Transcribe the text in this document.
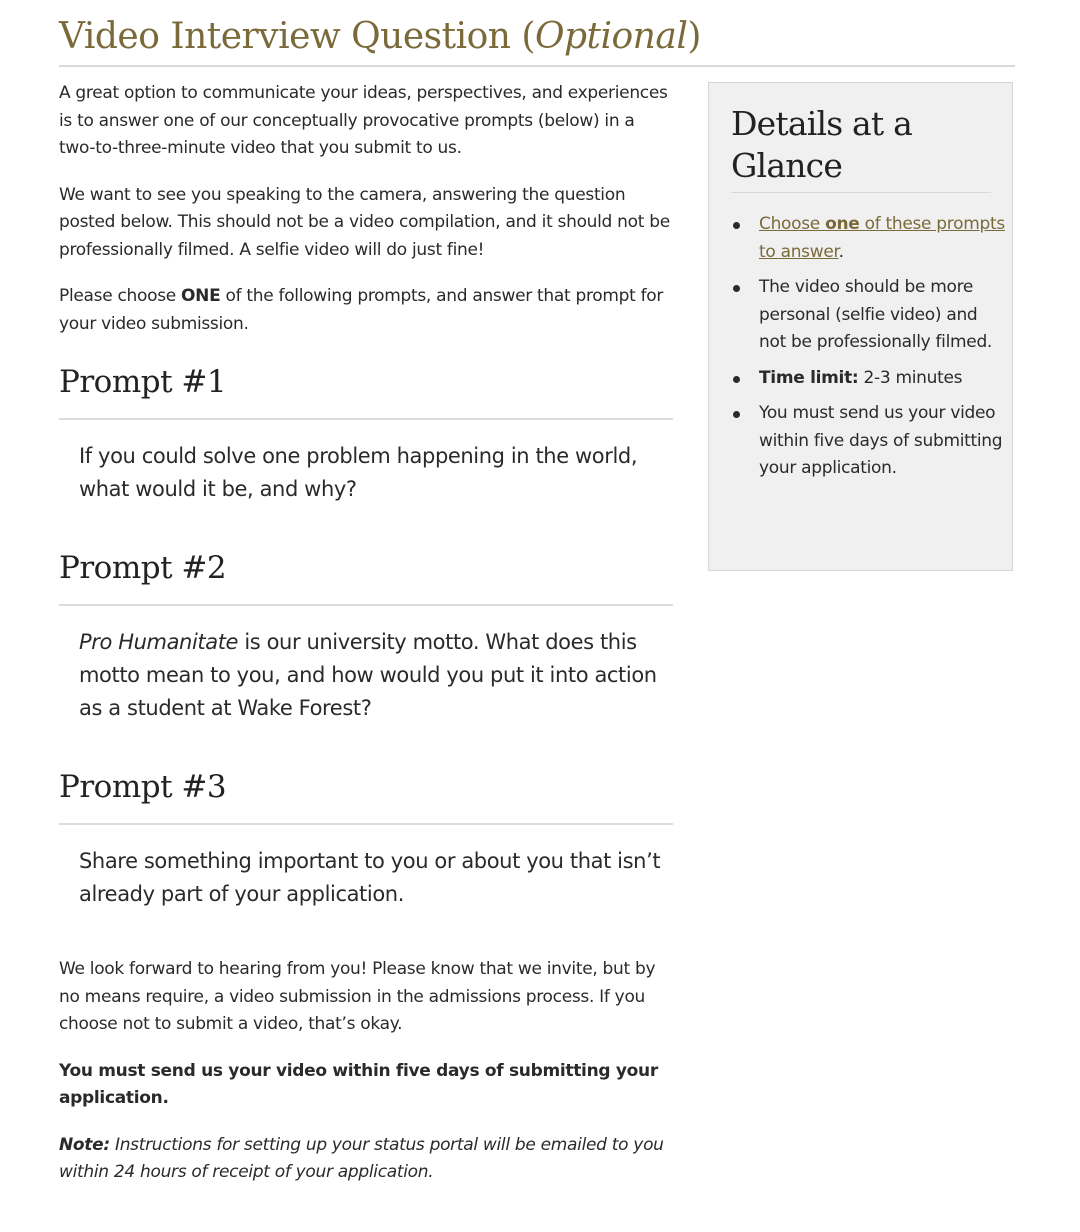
Video Interview Question (Optional)

A great option to communicate your ideas, perspectives, and experiences is to answer one of our conceptually provocative prompts (below) in a two-to-three-minute video that you submit to us.

We want to see you speaking to the camera, answering the question posted below. This should not be a video compilation, and it should not be professionally filmed. A selfie video will do just fine!

Please choose ONE of the following prompts, and answer that prompt for your video submission.

Prompt #1

If you could solve one problem happening in the world, what would it be, and why?

Prompt #2

Pro Humanitate is our university motto. What does this motto mean to you, and how would you put it into action as a student at Wake Forest?

Prompt #3

Share something important to you or about you that isn’t already part of your application.

We look forward to hearing from you! Please know that we invite, but by no means require, a video submission in the admissions process. If you choose not to submit a video, that’s okay.

You must send us your video within five days of submitting your application.

Note: Instructions for setting up your status portal will be emailed to you within 24 hours of receipt of your application.

Details at a Glance
Choose one of these prompts to answer.
The video should be more personal (selfie video) and not be professionally filmed.
Time limit: 2-3 minutes
You must send us your video within five days of submitting your application.
